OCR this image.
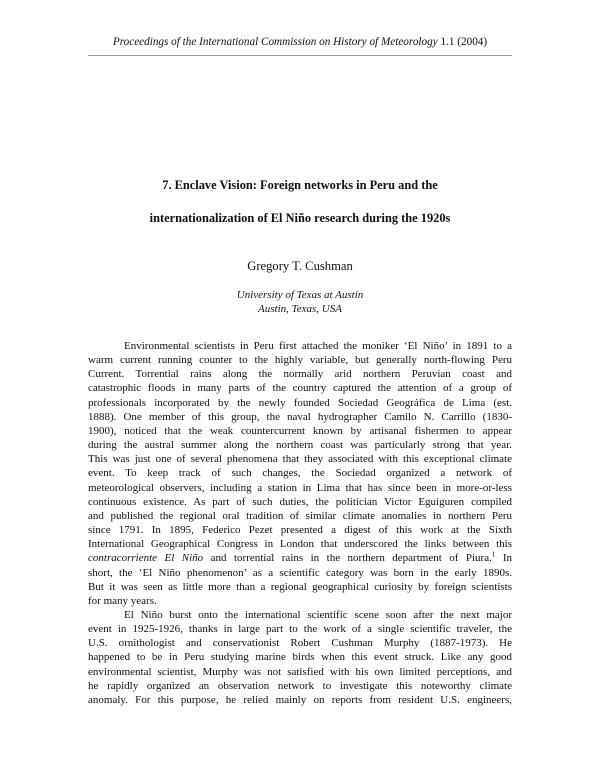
Proceedings of the International Commission on History of Meteorology 1.1 (2004)
7. Enclave Vision: Foreign networks in Peru and the
internationalization of El Niño research during the 1920s
Gregory T. Cushman
University of Texas at Austin
Austin, Texas, USA

Environmental scientists in Peru first attached the moniker ‘El Niño’ in 1891 to a
warm current running counter to the highly variable, but generally north-flowing Peru
Current. Torrential rains along the normally arid northern Peruvian coast and
catastrophic floods in many parts of the country captured the attention of a group of
professionals incorporated by the newly founded Sociedad Geográfica de Lima (est.
1888). One member of this group, the naval hydrographer Camilo N. Carrillo (1830-
1900), noticed that the weak countercurrent known by artisanal fishermen to appear
during the austral summer along the northern coast was particularly strong that year.
This was just one of several phenomena that they associated with this exceptional climate
event. To keep track of such changes, the Sociedad organized a network of
meteorological observers, including a station in Lima that has since been in more-or-less
continuous existence. As part of such duties, the politician Victor Eguiguren compiled
and published the regional oral tradition of similar climate anomalies in northern Peru
since 1791. In 1895, Federico Pezet presented a digest of this work at the Sixth
International Geographical Congress in London that underscored the links between this
contracorriente El Niño and torrential rains in the northern department of Piura.$^1$ In
short, the ‘El Niño phenomenon’ as a scientific category was born in the early 1890s.
But it was seen as little more than a regional geographical curiosity by foreign scientists
for many years.

El Niño burst onto the international scientific scene soon after the next major
event in 1925-1926, thanks in large part to the work of a single scientific traveler, the
U.S. ornithologist and conservationist Robert Cushman Murphy (1887-1973). He
happened to be in Peru studying marine birds when this event struck. Like any good
environmental scientist, Murphy was not satisfied with his own limited perceptions, and
he rapidly organized an observation network to investigate this noteworthy climate
anomaly. For this purpose, he relied mainly on reports from resident U.S. engineers,
